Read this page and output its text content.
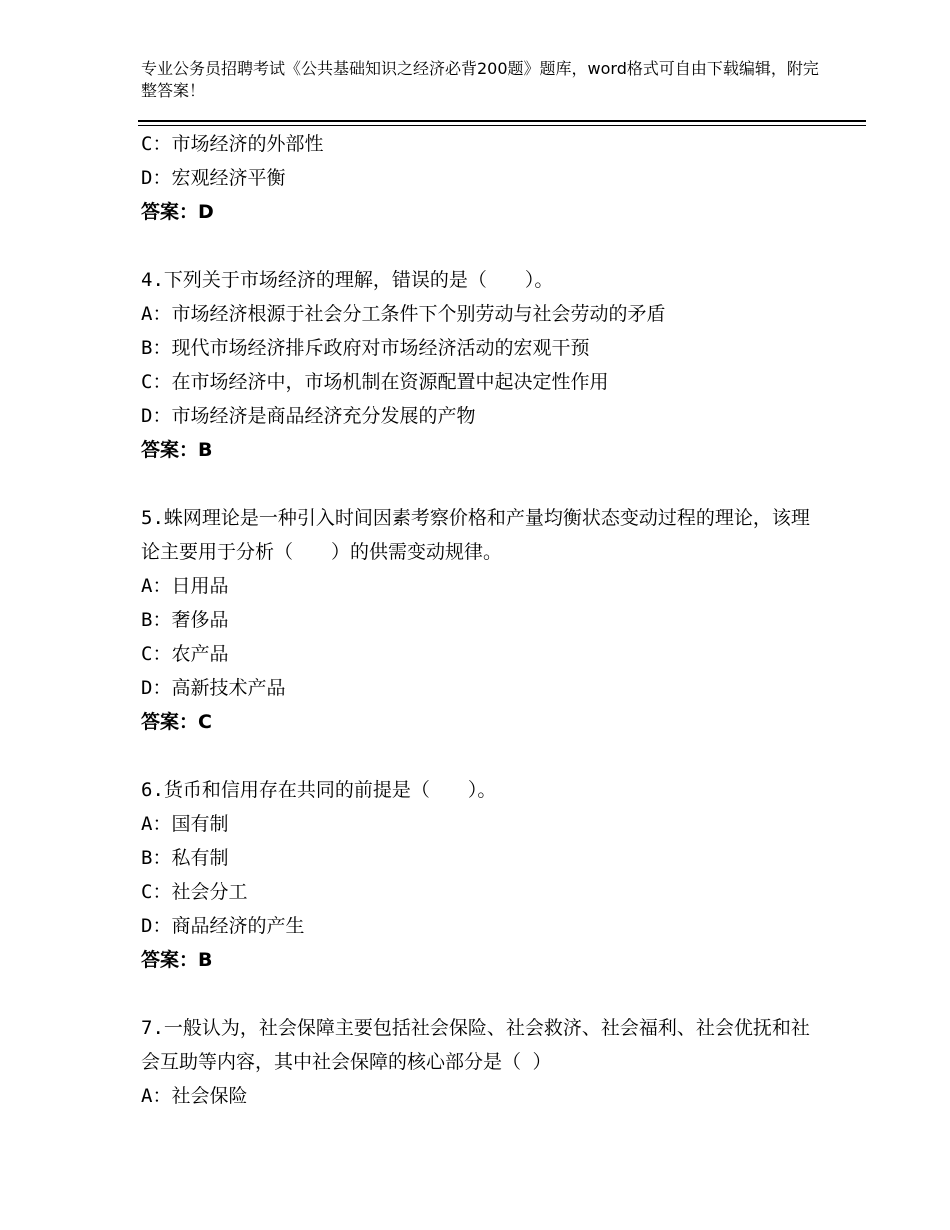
专业公务员招聘考试《公共基础知识之经济必背200题》题库，word格式可自由下载编辑，附完整答案！
C：市场经济的外部性
D：宏观经济平衡
答案：D
4.下列关于市场经济的理解，错误的是（　　）。
A：市场经济根源于社会分工条件下个别劳动与社会劳动的矛盾
B：现代市场经济排斥政府对市场经济活动的宏观干预
C：在市场经济中，市场机制在资源配置中起决定性作用
D：市场经济是商品经济充分发展的产物
答案：B
5.蛛网理论是一种引入时间因素考察价格和产量均衡状态变动过程的理论，该理论主要用于分析（　　）的供需变动规律。
A：日用品
B：奢侈品
C：农产品
D：高新技术产品
答案：C
6.货币和信用存在共同的前提是（　　）。
A：国有制
B：私有制
C：社会分工
D：商品经济的产生
答案：B
7.一般认为，社会保障主要包括社会保险、社会救济、社会福利、社会优抚和社会互助等内容，其中社会保障的核心部分是（ ）
A：社会保险
